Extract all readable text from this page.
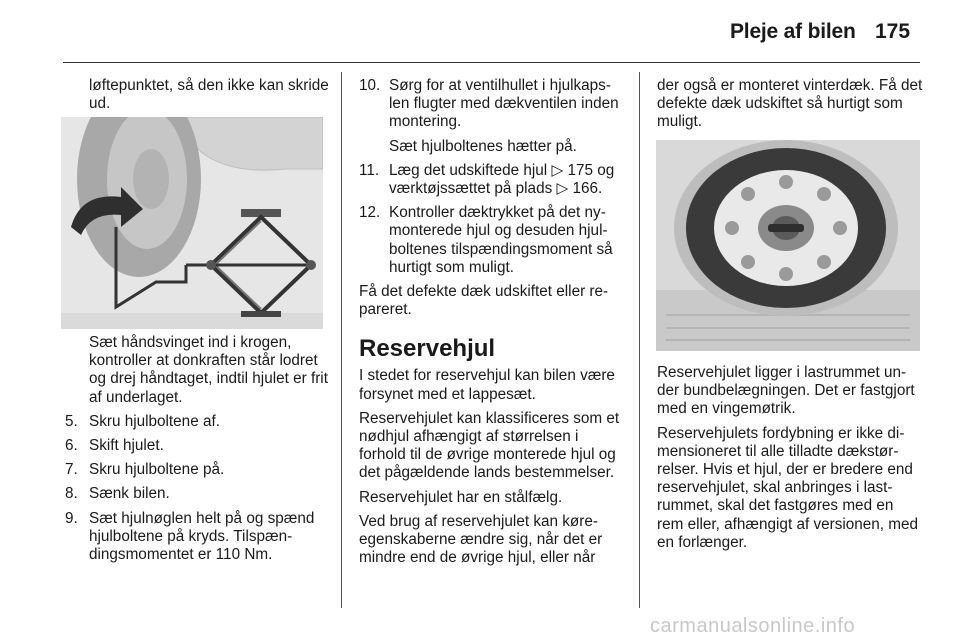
Pleje af bilen 175

løftepunktet, så den ikke kan skride ud.

Sæt håndsvinget ind i krogen, kontroller at donkraften står lodret og drej håndtaget, indtil hjulet er frit af underlaget.

5. Skru hjulboltene af.
6. Skift hjulet.
7. Skru hjulboltene på.
8. Sænk bilen.
9. Sæt hjulnøglen helt på og spænd hjulboltene på kryds. Tilspændingsmomentet er 110 Nm.
10. Sørg for at ventilhullet i hjulkapslen flugter med dækventilen inden montering.

Sæt hjulboltenes hætter på.

11. Læg det udskiftede hjul ▷ 175 og værktøjssættet på plads ▷ 166.
12. Kontroller dæktrykket på det nymonterede hjul og desuden hjulboltenes tilspændingsmoment så hurtigt som muligt.

Få det defekte dæk udskiftet eller repareret.

Reservehjul

I stedet for reservehjul kan bilen være forsynet med et lappesæt.

Reservehjulet kan klassificeres som et nødhjul afhængigt af størrelsen i forhold til de øvrige monterede hjul og det pågældende lands bestemmelser.

Reservehjulet har en stålfælg.

Ved brug af reservehjulet kan køreegenskaberne ændre sig, når det er mindre end de øvrige hjul, eller når

der også er monteret vinterdæk. Få det defekte dæk udskiftet så hurtigt som muligt.

Reservehjulet ligger i lastrummet under bundbelægningen. Det er fastgjort med en vingemøtrik.

Reservehjulets fordybning er ikke dimensioneret til alle tilladte dækstørrelser. Hvis et hjul, der er bredere end reservehjulet, skal anbringes i lastrummet, skal det fastgøres med en rem eller, afhængigt af versionen, med en forlænger.

carmanualsonline.info
